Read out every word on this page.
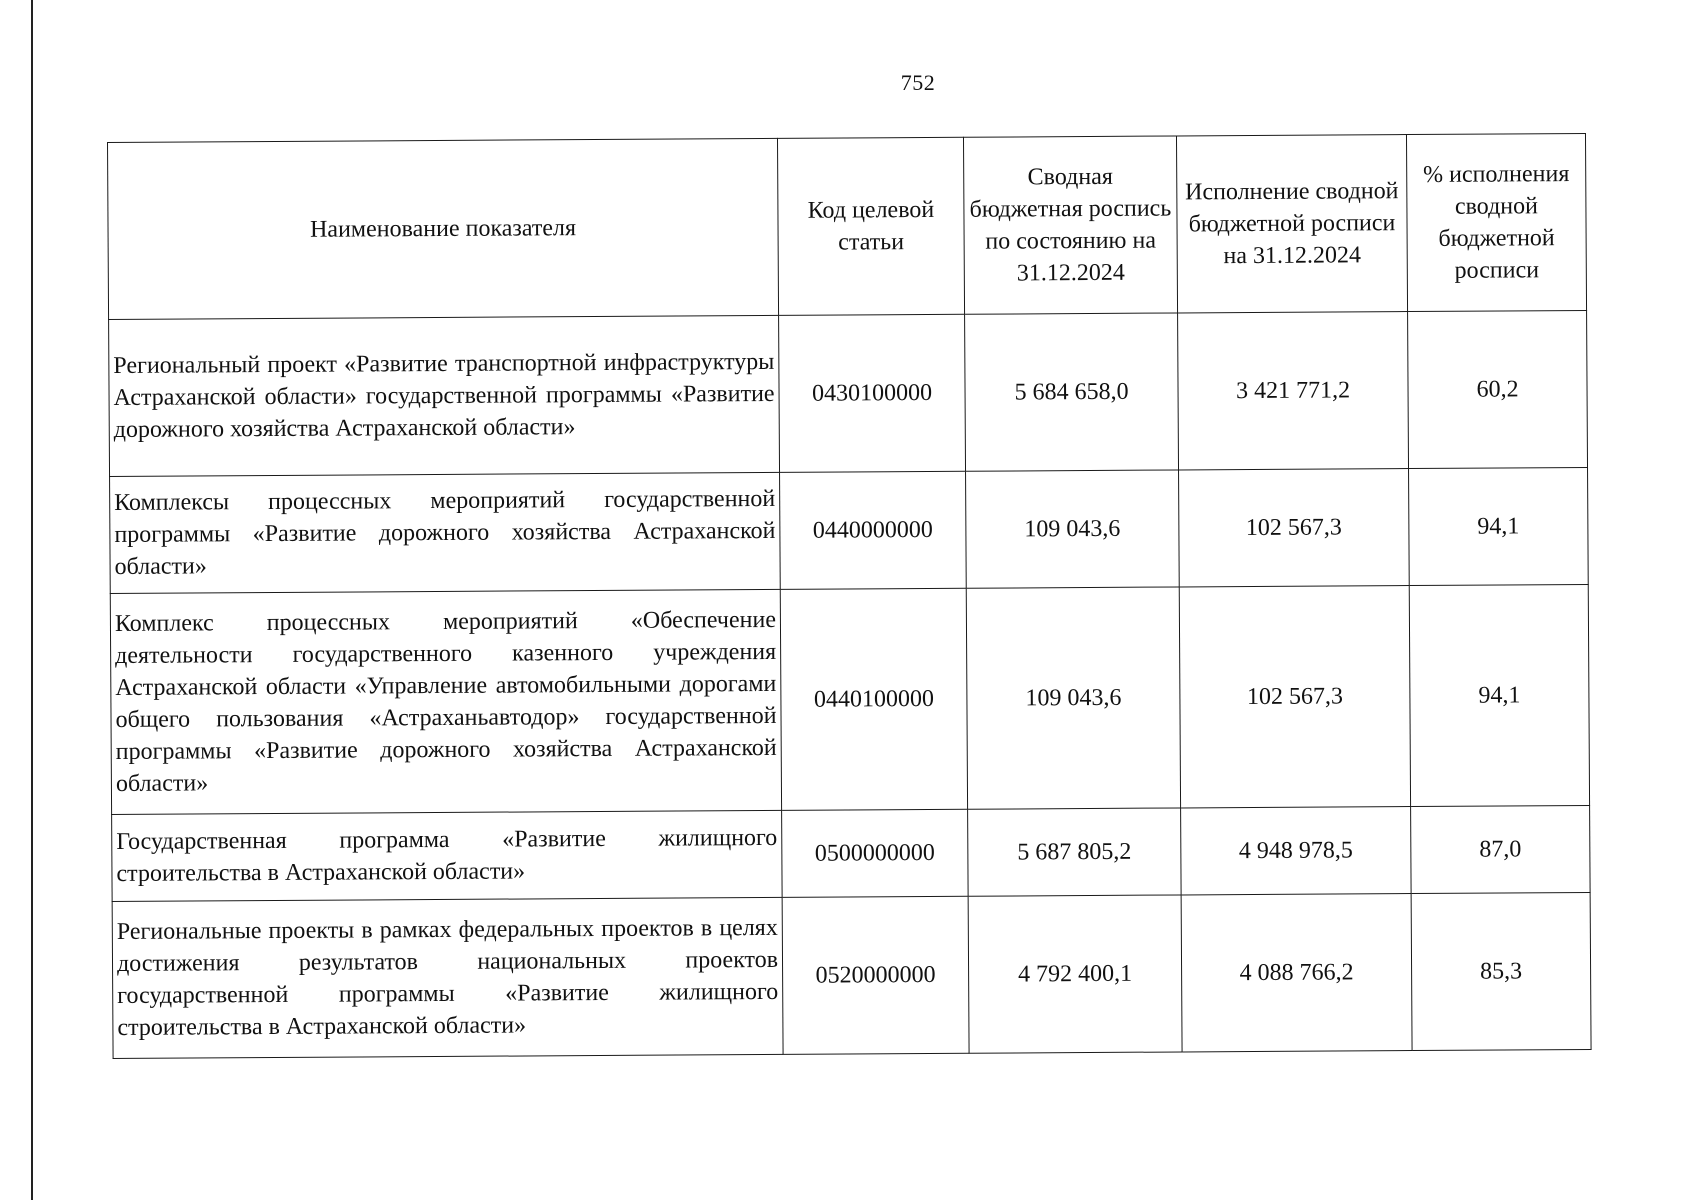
752
Наименование показателя	Код целевой статьи	Сводная бюджетная роспись по состоянию на 31.12.2024	Исполнение сводной бюджетной росписи на 31.12.2024	% исполнения сводной бюджетной росписи
Региональный проект «Развитие транспортной инфраструктуры Астраханской области» государственной программы «Развитие дорожного хозяйства Астраханской области»	0430100000	5 684 658,0	3 421 771,2	60,2
Комплексы процессных мероприятий государственной программы «Развитие дорожного хозяйства Астраханской области»	0440000000	109 043,6	102 567,3	94,1
Комплекс процессных мероприятий «Обеспечение деятельности государственного казенного учреждения Астраханской области «Управление автомобильными дорогами общего пользования «Астраханьавтодор» государственной программы «Развитие дорожного хозяйства Астраханской области»	0440100000	109 043,6	102 567,3	94,1
Государственная программа «Развитие жилищного строительства в Астраханской области»	0500000000	5 687 805,2	4 948 978,5	87,0
Региональные проекты в рамках федеральных проектов в целях достижения результатов национальных проектов государственной программы «Развитие жилищного строительства в Астраханской области»	0520000000	4 792 400,1	4 088 766,2	85,3
